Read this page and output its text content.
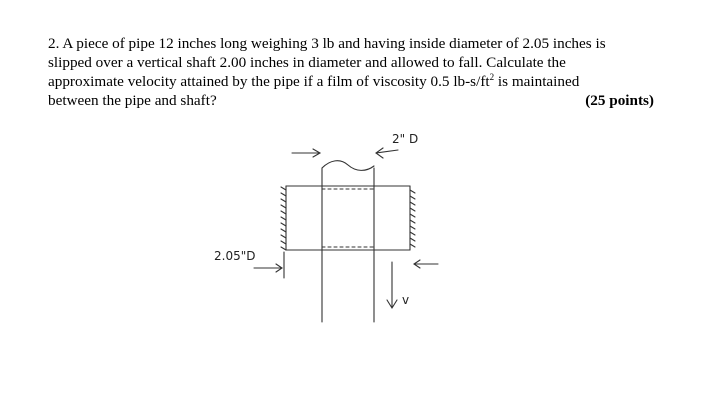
2. A piece of pipe 12 inches long weighing 3 lb and having inside diameter of 2.05 inches is
slipped over a vertical shaft 2.00 inches in diameter and allowed to fall. Calculate the
approximate velocity attained by the pipe if a film of viscosity 0.5 $lb-s/ft^2$ is maintained
between the pipe and shaft?	(25 points)
2" D
2.05"D
v
